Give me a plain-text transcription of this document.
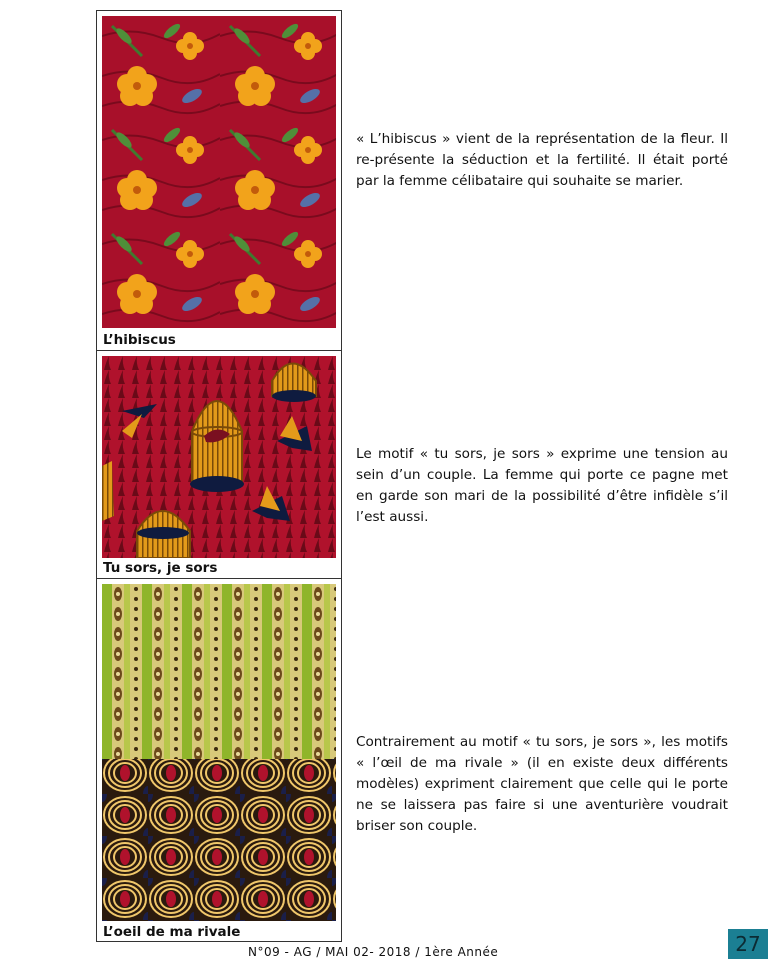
L’hibiscus
Tu sors, je sors
L’oeil de ma rivale

« L’hibiscus » vient de la représentation de la fleur. Il re-présente la séduction et la fertilité. Il était porté par la femme célibataire qui souhaite se marier.

Le motif « tu sors, je sors » exprime une tension au sein d’un couple. La femme qui porte ce pagne met en garde son mari de la possibilité d’être infidèle s’il l’est aussi.

Contrairement au motif « tu sors, je sors », les motifs « l’œil de ma rivale » (il en existe deux différents modèles) expriment clairement que celle qui le porte ne se laissera pas faire si une aventurière voudrait briser son couple.

N°09 - AG / MAI 02- 2018 / 1ère Année	27
